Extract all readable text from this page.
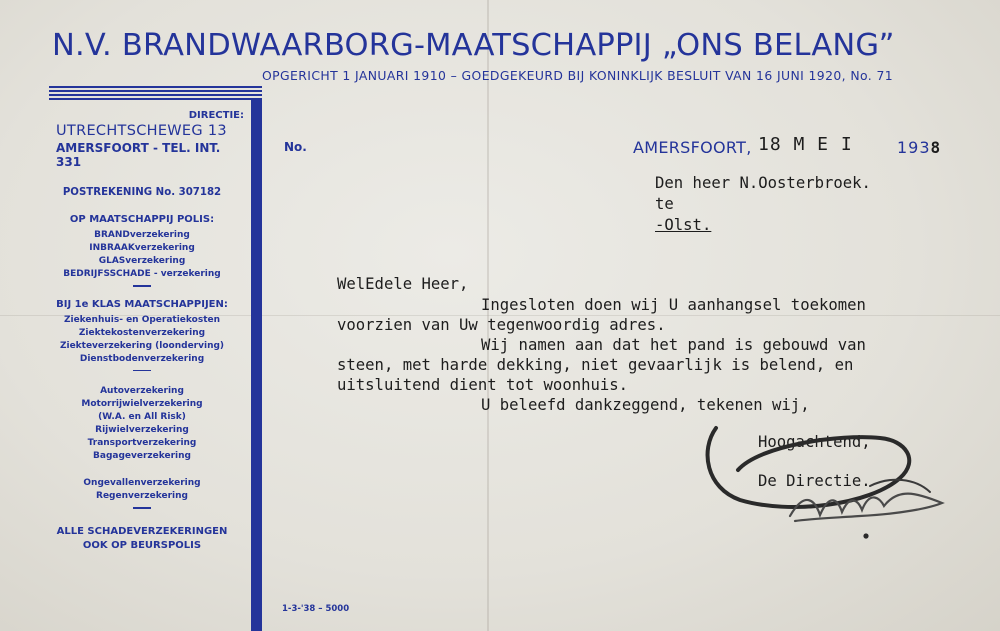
N.V. BRANDWAARBORG-MAATSCHAPPIJ „ONS BELANG”
OPGERICHT 1 JANUARI 1910 – GOEDGEKEURD BIJ KONINKLIJK BESLUIT VAN 16 JUNI 1920, No. 71
DIRECTIE:
UTRECHTSCHEWEG 13
AMERSFOORT - TEL. INT. 331
POSTREKENING No. 307182
OP MAATSCHAPPIJ POLIS:
BRANDverzekering
INBRAAKverzekering
GLASverzekering
BEDRIJFSSCHADE - verzekering
BIJ 1e KLAS MAATSCHAPPIJEN:
Ziekenhuis- en Operatiekosten
Ziektekostenverzekering
Ziekteverzekering (loonderving)
Dienstbodenverzekering
Autoverzekering
Motorrijwielverzekering
(W.A. en All Risk)
Rijwielverzekering
Transportverzekering
Bagageverzekering
Ongevallenverzekering
Regenverzekering
ALLE SCHADEVERZEKERINGEN
OOK OP BEURSPOLIS
1-3-'38 – 5000
No.	AMERSFOORT, 18 M E I	1938
Den heer N.Oosterbroek.
te
-Olst.
WelEdele Heer,
Ingesloten doen wij U aanhangsel toekomen
voorzien van Uw tegenwoordig adres.
Wij namen aan dat het pand is gebouwd van
steen, met harde dekking, niet gevaarlijk is belend, en
uitsluitend dient tot woonhuis.
U beleefd dankzeggend, tekenen wij,
Hoogachtend,
De Directie.
